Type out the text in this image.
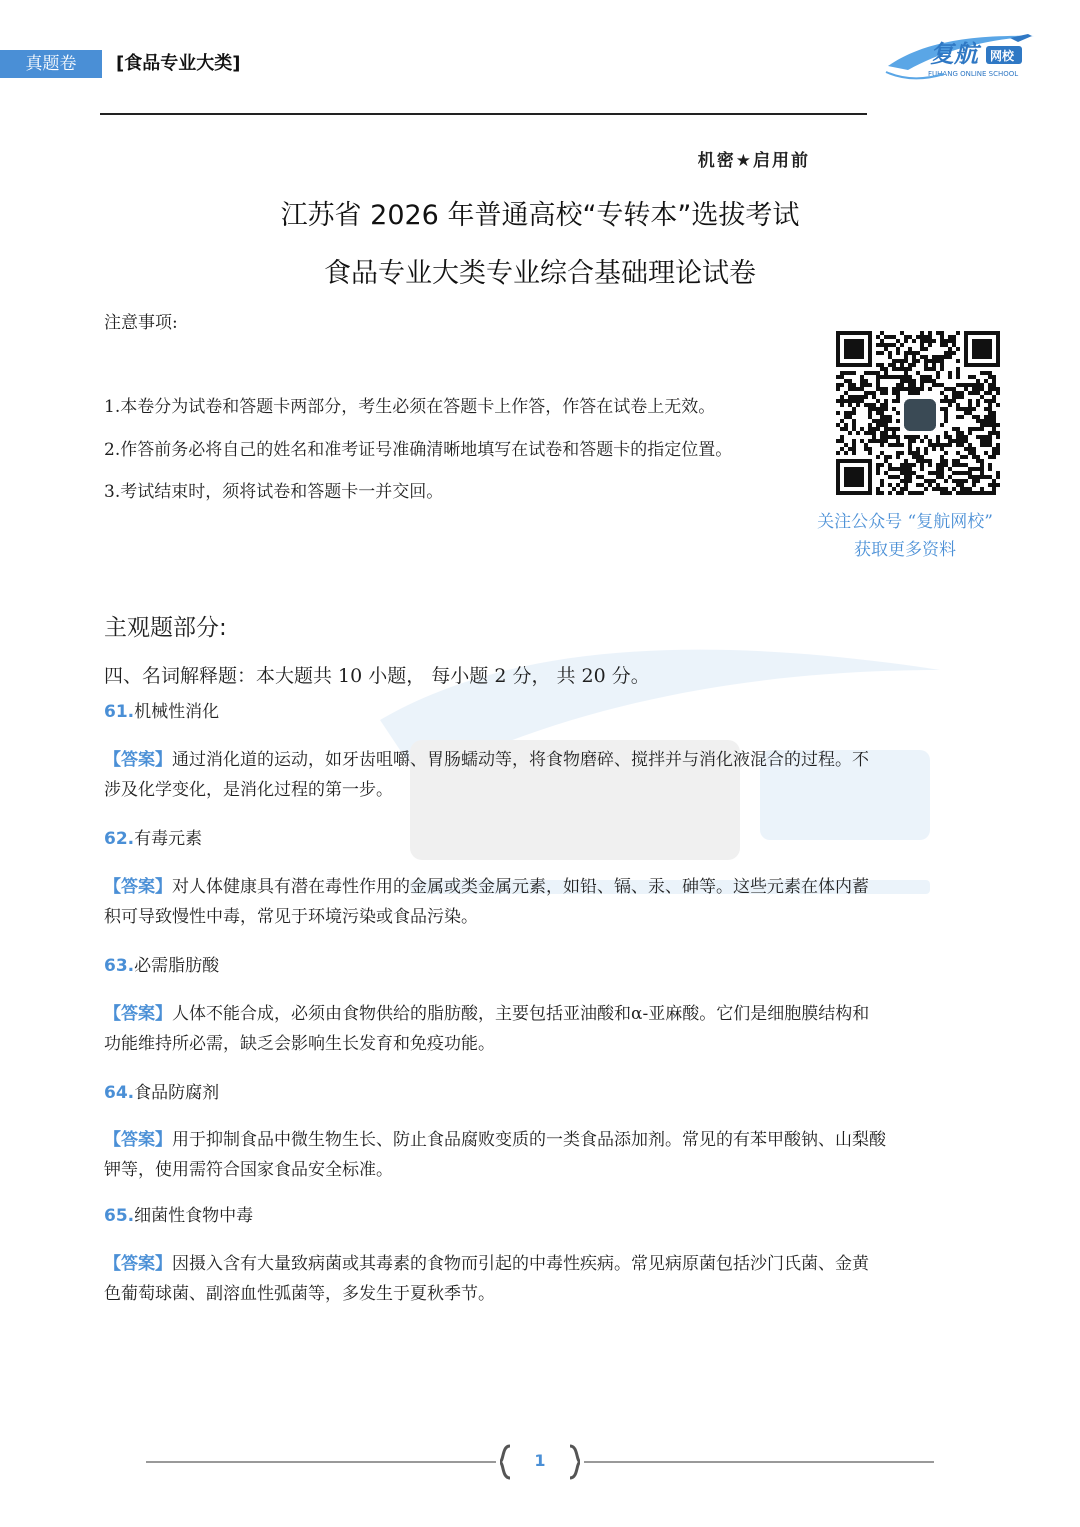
真题卷	[食品专业大类]	复航	网校
FUHANG ONLINE SCHOOL
机密★启用前
江苏省 2026 年普通高校“专转本”选拔考试
食品专业大类专业综合基础理论试卷
注意事项:
1.本卷分为试卷和答题卡两部分，考生必须在答题卡上作答，作答在试卷上无效。
2.作答前务必将自己的姓名和准考证号准确清晰地填写在试卷和答题卡的指定位置。
3.考试结束时，须将试卷和答题卡一并交回。
关注公众号 “复航网校”
获取更多资料
主观题部分:
四、名词解释题：本大题共 10 小题， 每小题 2 分， 共 20 分。
61.机械性消化
【答案】通过消化道的运动，如牙齿咀嚼、胃肠蠕动等，将食物磨碎、搅拌并与消化液混合的过程。不
涉及化学变化，是消化过程的第一步。
62.有毒元素
【答案】对人体健康具有潜在毒性作用的金属或类金属元素，如铅、镉、汞、砷等。这些元素在体内蓄
积可导致慢性中毒，常见于环境污染或食品污染。
63.必需脂肪酸
【答案】人体不能合成，必须由食物供给的脂肪酸，主要包括亚油酸和α-亚麻酸。它们是细胞膜结构和
功能维持所必需，缺乏会影响生长发育和免疫功能。
64.食品防腐剂
【答案】用于抑制食品中微生物生长、防止食品腐败变质的一类食品添加剂。常见的有苯甲酸钠、山梨酸
钾等，使用需符合国家食品安全标准。
65.细菌性食物中毒
【答案】因摄入含有大量致病菌或其毒素的食物而引起的中毒性疾病。常见病原菌包括沙门氏菌、金黄
色葡萄球菌、副溶血性弧菌等，多发生于夏秋季节。
1
